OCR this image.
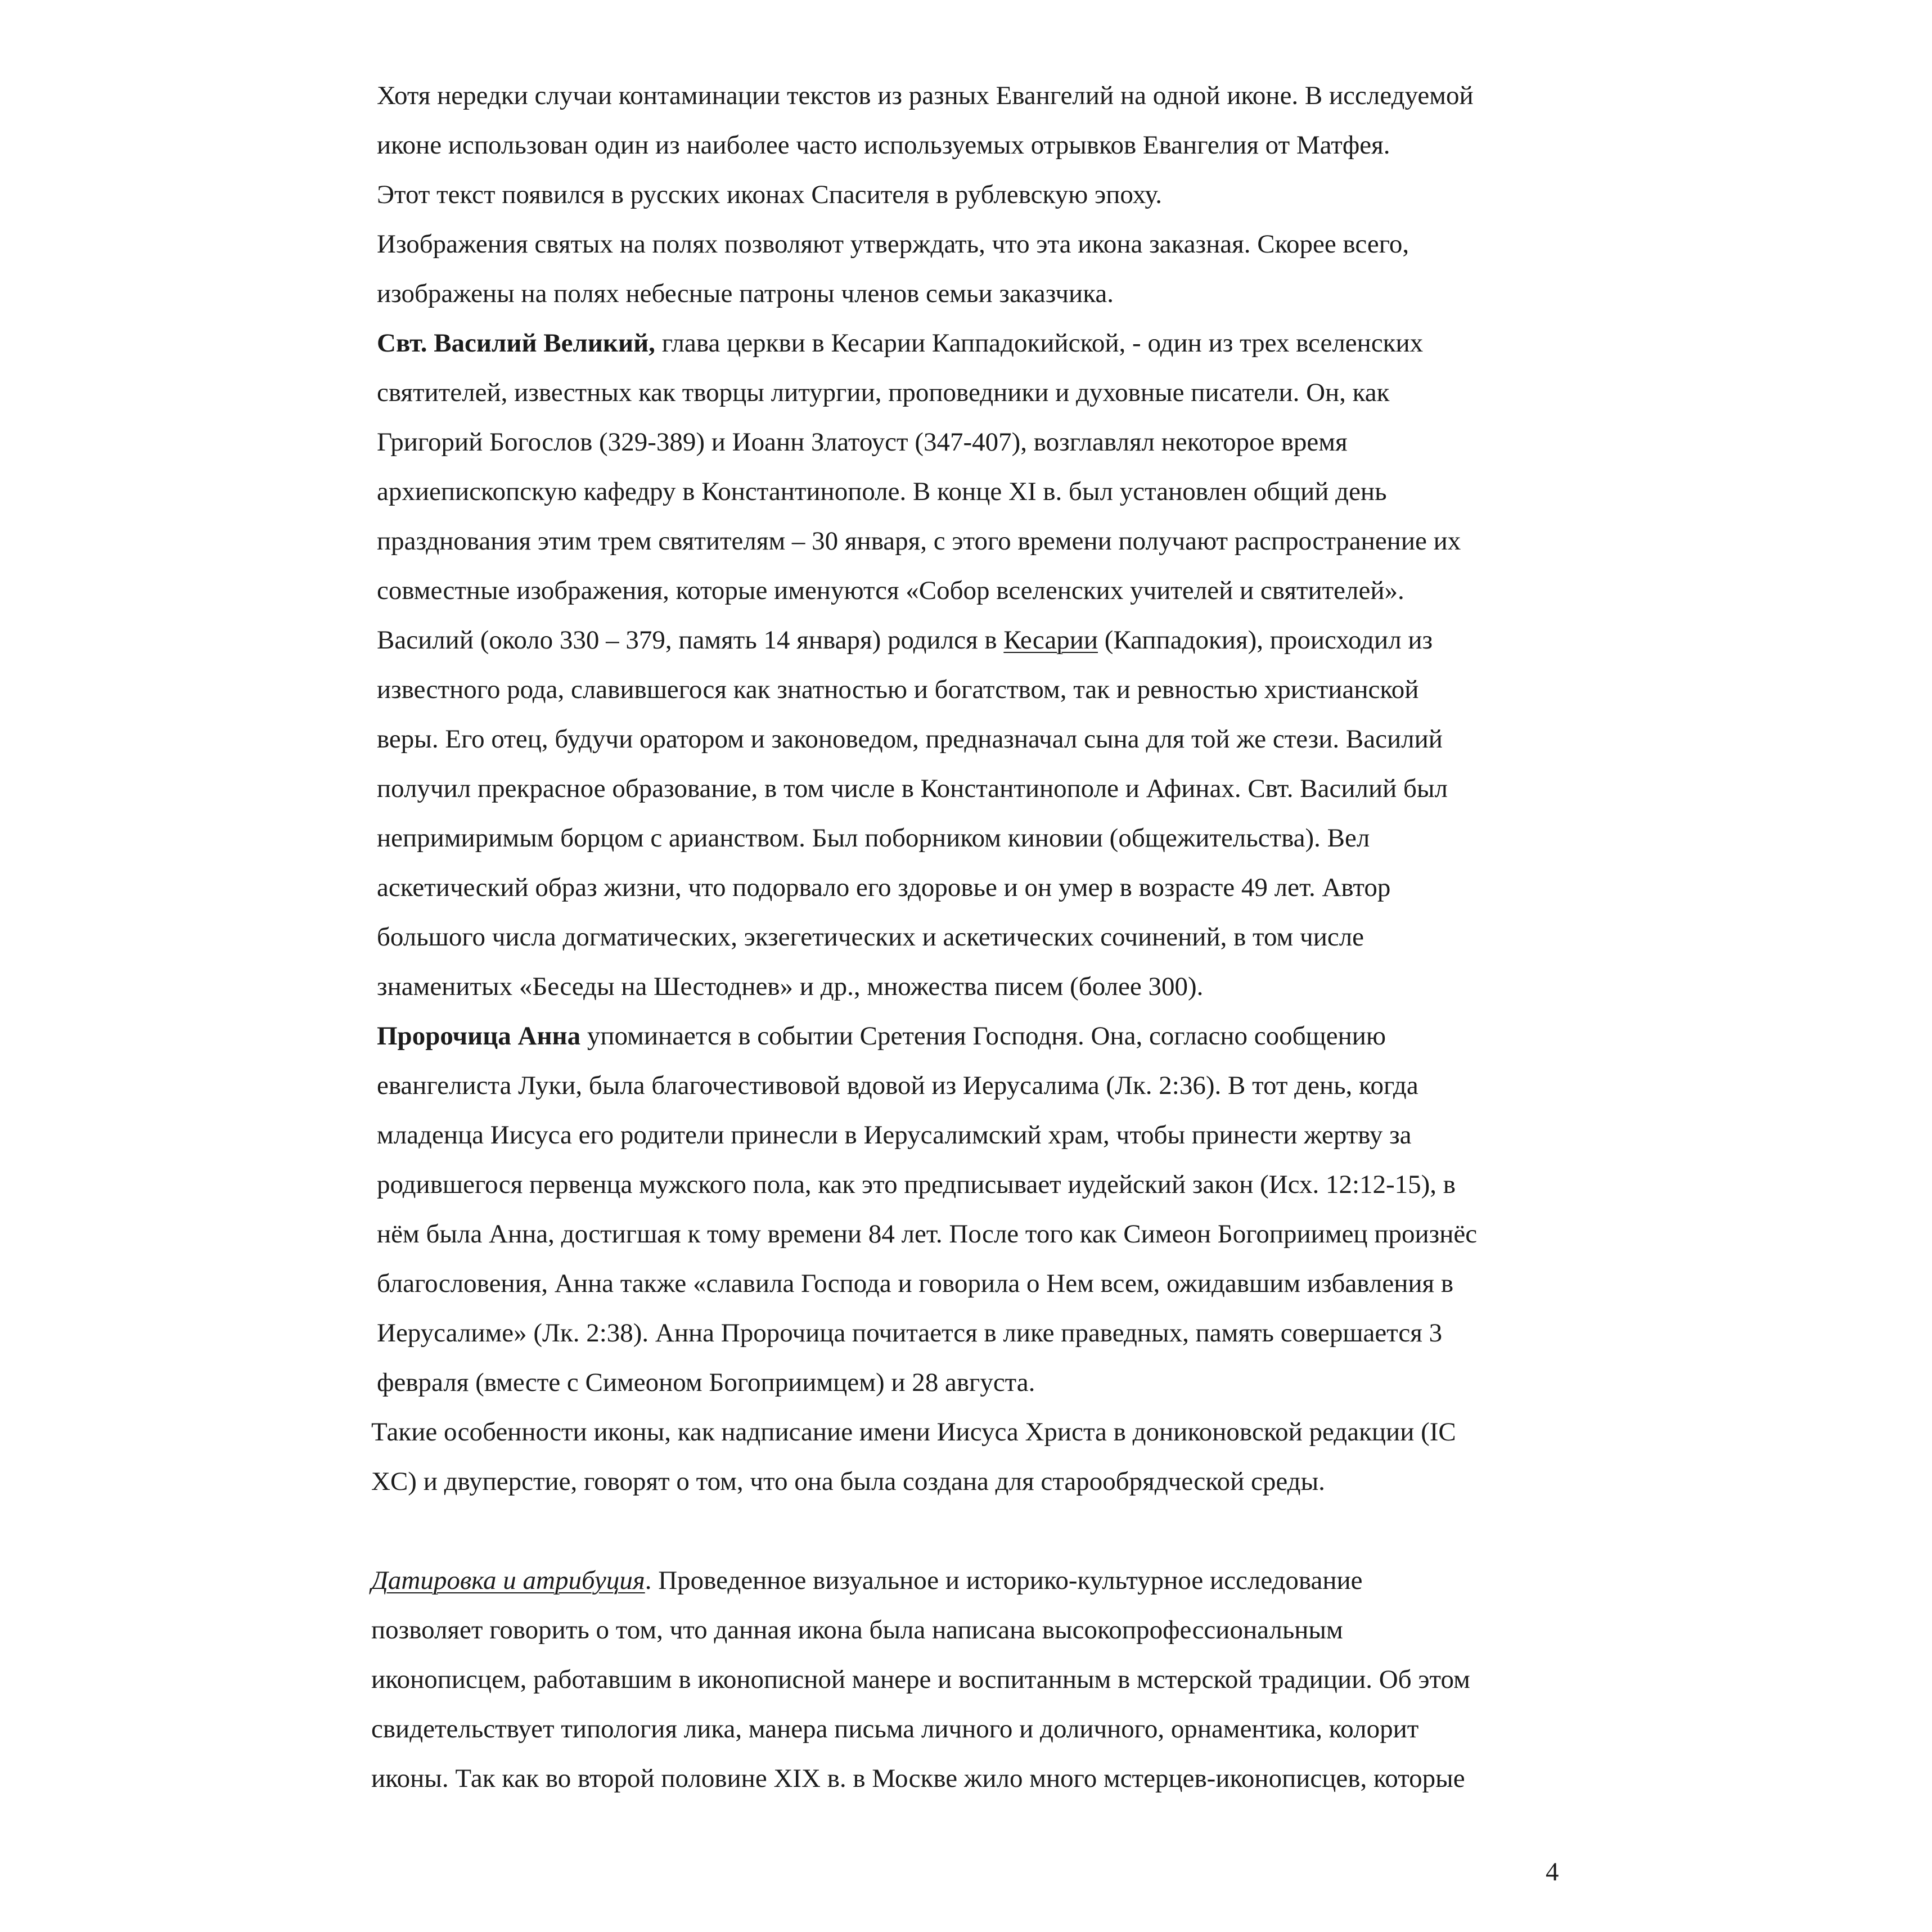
Хотя нередки случаи контаминации текстов из разных Евангелий на одной иконе. В исследуемой
иконе использован один из наиболее часто используемых отрывков Евангелия от Матфея.
Этот текст появился в русских иконах Спасителя в рублевскую эпоху.
Изображения святых на полях позволяют утверждать, что эта икона заказная. Скорее всего,
изображены на полях небесные патроны членов семьи заказчика.
Свт. Василий Великий, глава церкви в Кесарии Каппадокийской, - один из трех вселенских
святителей, известных как творцы литургии, проповедники и духовные писатели. Он, как
Григорий Богослов (329-389) и Иоанн Златоуст (347-407), возглавлял некоторое время
архиепископскую кафедру в Константинополе. В конце XI в. был установлен общий день
празднования этим трем святителям – 30 января, с этого времени получают распространение их
совместные изображения, которые именуются «Собор вселенских учителей и святителей».
Василий (около 330 – 379, память 14 января) родился в Кесарии (Каппадокия), происходил из
известного рода, славившегося как знатностью и богатством, так и ревностью христианской
веры. Его отец, будучи оратором и законоведом, предназначал сына для той же стези. Василий
получил прекрасное образование, в том числе в Константинополе и Афинах. Свт. Василий был
непримиримым борцом с арианством. Был поборником киновии (общежительства). Вел
аскетический образ жизни, что подорвало его здоровье и он умер в возрасте 49 лет. Автор
большого числа догматических, экзегетических и аскетических сочинений, в том числе
знаменитых «Беседы на Шестоднев» и др., множества писем (более 300).
Пророчица Анна упоминается в событии Сретения Господня. Она, согласно сообщению
евангелиста Луки, была благочестивовой вдовой из Иерусалима (Лк. 2:36). В тот день, когда
младенца Иисуса его родители принесли в Иерусалимский храм, чтобы принести жертву за
родившегося первенца мужского пола, как это предписывает иудейский закон (Исх. 12:12-15), в
нём была Анна, достигшая к тому времени 84 лет. После того как Симеон Богоприимец произнёс
благословения, Анна также «славила Господа и говорила о Нем всем, ожидавшим избавления в
Иерусалиме» (Лк. 2:38). Анна Пророчица почитается в лике праведных, память совершается 3
февраля (вместе с Симеоном Богоприимцем) и 28 августа.
Такие особенности иконы, как надписание имени Иисуса Христа в дониконовской редакции (IC
XC) и двуперстие, говорят о том, что она была создана для старообрядческой среды.
Датировка и атрибуция. Проведенное визуальное и историко-культурное исследование
позволяет говорить о том, что данная икона была написана высокопрофессиональным
иконописцем, работавшим в иконописной манере и воспитанным в мстерской традиции. Об этом
свидетельствует типология лика, манера письма личного и доличного, орнаментика, колорит
иконы. Так как во второй половине XIX в. в Москве жило много мстерцев-иконописцев, которые
4
